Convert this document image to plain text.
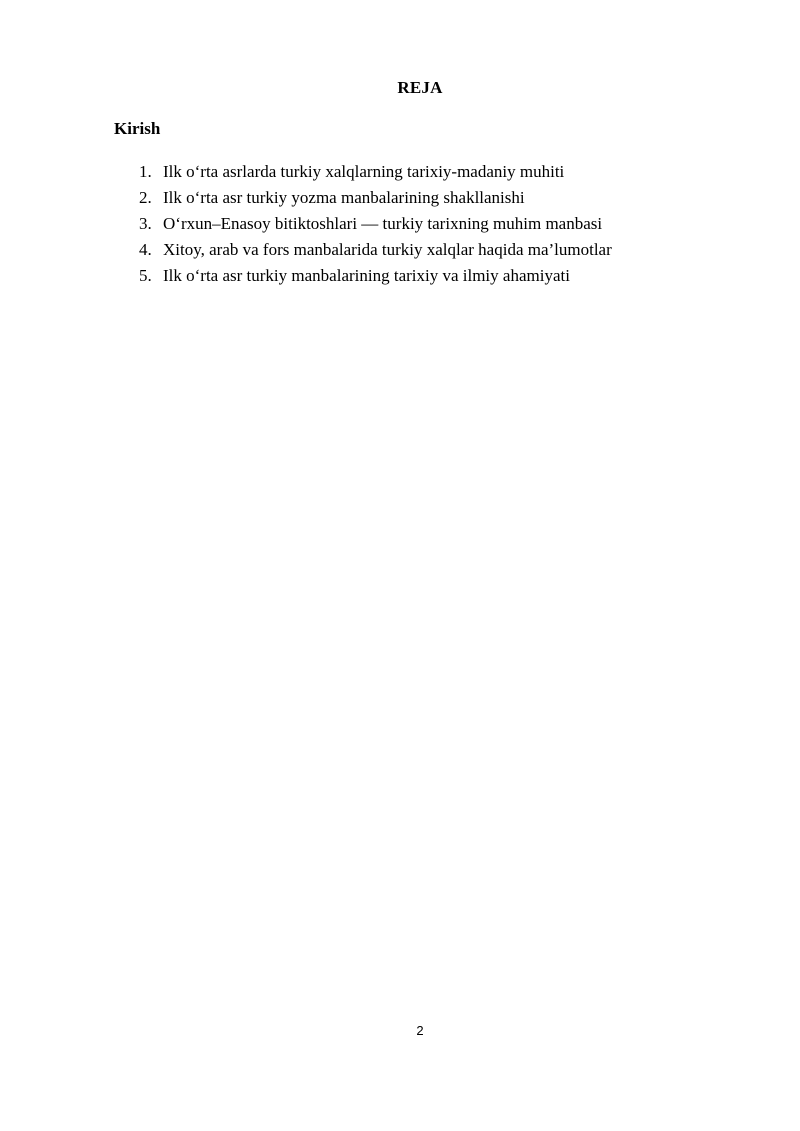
REJA
Kirish
1. Ilk o‘rta asrlarda turkiy xalqlarning tarixiy-madaniy muhiti
2. Ilk o‘rta asr turkiy yozma manbalarining shakllanishi
3. O‘rxun–Enasoy bitiktoshlari — turkiy tarixning muhim manbasi
4. Xitoy, arab va fors manbalarida turkiy xalqlar haqida ma’lumotlar
5. Ilk o‘rta asr turkiy manbalarining tarixiy va ilmiy ahamiyati
2
